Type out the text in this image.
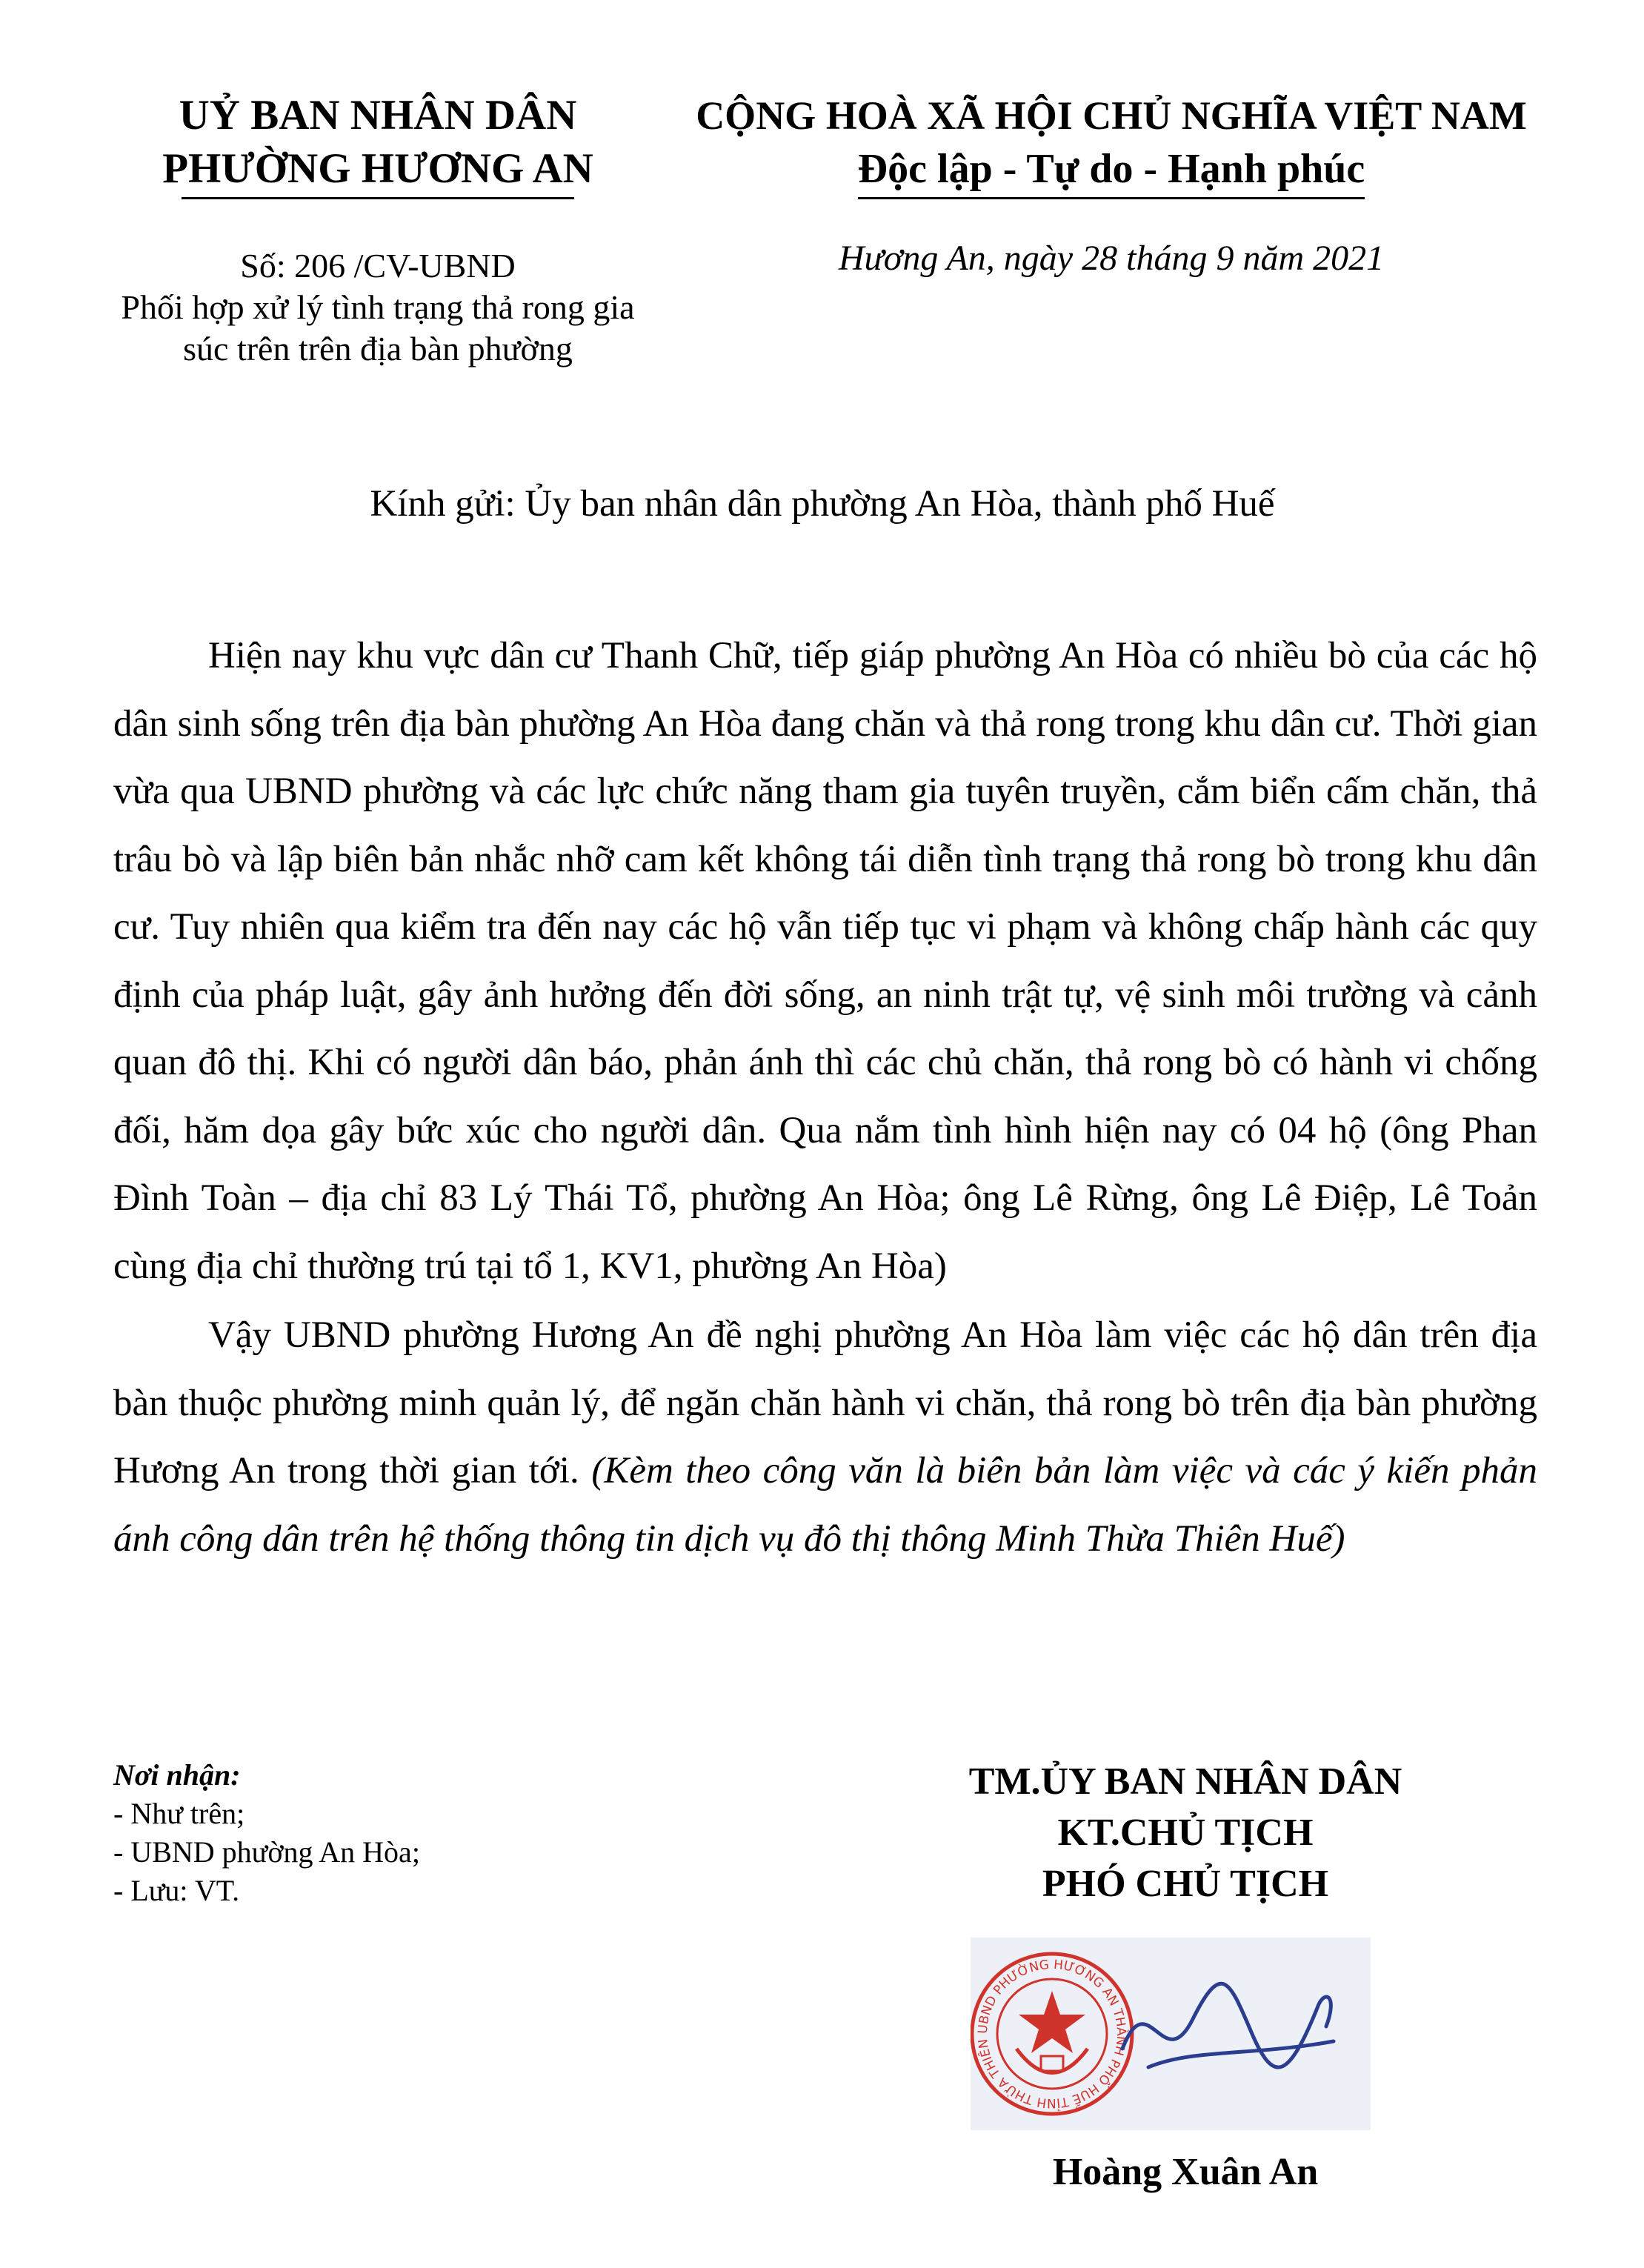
UỶ BAN NHÂN DÂN
PHƯỜNG HƯƠNG AN
Số: 206 /CV-UBND
Phối hợp xử lý tình trạng thả rong gia súc trên trên địa bàn phường
CỘNG HOÀ XÃ HỘI CHỦ NGHĨA VIỆT NAM
Độc lập - Tự do - Hạnh phúc
Hương An, ngày 28 tháng 9 năm 2021
Kính gửi: Ủy ban nhân dân phường An Hòa, thành phố Huế

Hiện nay khu vực dân cư Thanh Chữ, tiếp giáp phường An Hòa có nhiều bò của các hộ dân sinh sống trên địa bàn phường An Hòa đang chăn và thả rong trong khu dân cư. Thời gian vừa qua UBND phường và các lực chức năng tham gia tuyên truyền, cắm biển cấm chăn, thả trâu bò và lập biên bản nhắc nhỡ cam kết không tái diễn tình trạng thả rong bò trong khu dân cư. Tuy nhiên qua kiểm tra đến nay các hộ vẫn tiếp tục vi phạm và không chấp hành các quy định của pháp luật, gây ảnh hưởng đến đời sống, an ninh trật tự, vệ sinh môi trường và cảnh quan đô thị. Khi có người dân báo, phản ánh thì các chủ chăn, thả rong bò có hành vi chống đối, hăm dọa gây bức xúc cho người dân. Qua nắm tình hình hiện nay có 04 hộ (ông Phan Đình Toàn – địa chỉ 83 Lý Thái Tổ, phường An Hòa; ông Lê Rừng, ông Lê Điệp, Lê Toản cùng địa chỉ thường trú tại tổ 1, KV1, phường An Hòa)

Vậy UBND phường Hương An đề nghị phường An Hòa làm việc các hộ dân trên địa bàn thuộc phường minh quản lý, để ngăn chăn hành vi chăn, thả rong bò trên địa bàn phường Hương An trong thời gian tới. (Kèm theo công văn là biên bản làm việc và các ý kiến phản ánh công dân trên hệ thống thông tin dịch vụ đô thị thông Minh Thừa Thiên Huế)

Nơi nhận:
- Như trên;
- UBND phường An Hòa;
- Lưu: VT.
TM.ỦY BAN NHÂN DÂN
KT.CHỦ TỊCH
PHÓ CHỦ TỊCH
UBND PHƯỜNG HƯƠNG AN THÀNH PHỐ HUẾ TỈNH THỪA THIÊN
Hoàng Xuân An
